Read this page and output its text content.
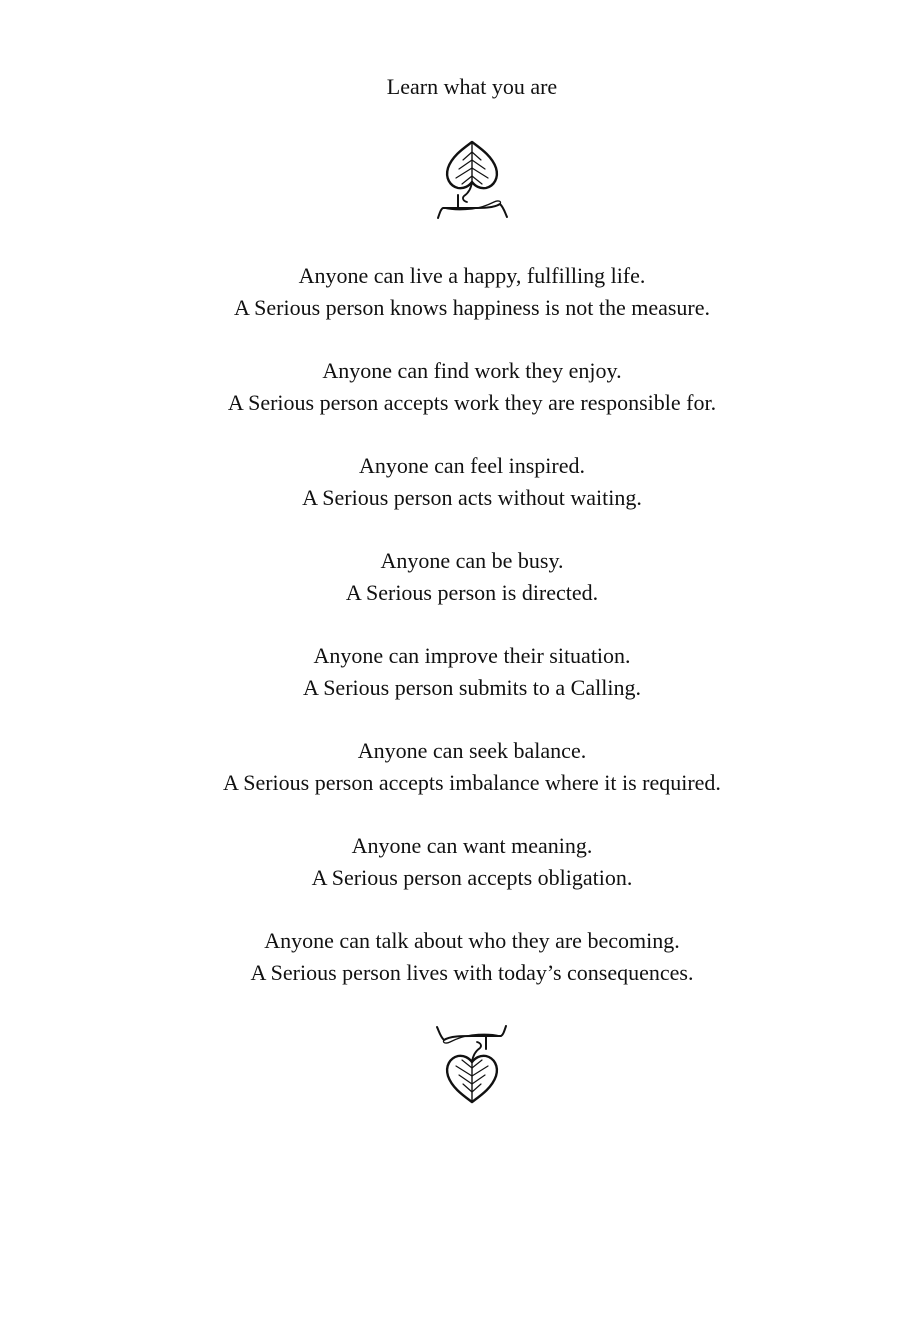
Learn what you are
Anyone can live a happy, fulfilling life.
A Serious person knows happiness is not the measure.
Anyone can find work they enjoy.
A Serious person accepts work they are responsible for.
Anyone can feel inspired.
A Serious person acts without waiting.
Anyone can be busy.
A Serious person is directed.
Anyone can improve their situation.
A Serious person submits to a Calling.
Anyone can seek balance.
A Serious person accepts imbalance where it is required.
Anyone can want meaning.
A Serious person accepts obligation.
Anyone can talk about who they are becoming.
A Serious person lives with today’s consequences.
